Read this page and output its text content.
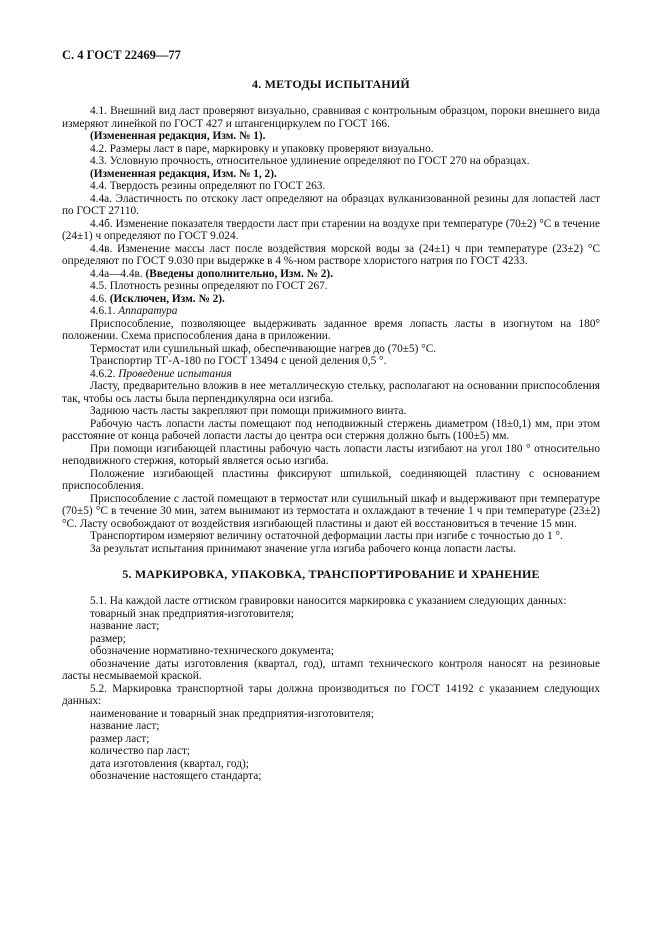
С. 4 ГОСТ 22469—77
4. МЕТОДЫ ИСПЫТАНИЙ

4.1. Внешний вид ласт проверяют визуально, сравнивая с контрольным образцом, пороки внешнего вида измеряют линейкой по ГОСТ 427 и штангенциркулем по ГОСТ 166.

(Измененная редакция, Изм. № 1).

4.2. Размеры ласт в паре, маркировку и упаковку проверяют визуально.

4.3. Условную прочность, относительное удлинение определяют по ГОСТ 270 на образцах.

(Измененная редакция, Изм. № 1, 2).

4.4. Твердость резины определяют по ГОСТ 263.

4.4а. Эластичность по отскоку ласт определяют на образцах вулканизованной резины для лопастей ласт по ГОСТ 27110.

4.4б. Изменение показателя твердости ласт при старении на воздухе при температуре (70±2) °С в течение (24±1) ч определяют по ГОСТ 9.024.

4.4в. Изменение массы ласт после воздействия морской воды за (24±1) ч при температуре (23±2) °С определяют по ГОСТ 9.030 при выдержке в 4 %-ном растворе хлористого натрия по ГОСТ 4233.

4.4а—4.4в. (Введены дополнительно, Изм. № 2).

4.5. Плотность резины определяют по ГОСТ 267.

4.6. (Исключен, Изм. № 2).

4.6.1. Аппаратура

Приспособление, позволяющее выдерживать заданное время лопасть ласты в изогнутом на 180° положении. Схема приспособления дана в приложении.

Термостат или сушильный шкаф, обеспечивающие нагрев до (70±5) °С.

Транспортир ТГ-А-180 по ГОСТ 13494 с ценой деления 0,5 °.

4.6.2. Проведение испытания

Ласту, предварительно вложив в нее металлическую стельку, располагают на основании приспособления так, чтобы ось ласты была перпендикулярна оси изгиба.

Заднюю часть ласты закрепляют при помощи прижимного винта.

Рабочую часть лопасти ласты помещают под неподвижный стержень диаметром (18±0,1) мм, при этом расстояние от конца рабочей лопасти ласты до центра оси стержня должно быть (100±5) мм.

При помощи изгибающей пластины рабочую часть лопасти ласты изгибают на угол 180 ° относительно неподвижного стержня, который является осью изгиба.

Положение изгибающей пластины фиксируют шпилькой, соединяющей пластину с основанием приспособления.

Приспособление с ластой помещают в термостат или сушильный шкаф и выдерживают при температуре (70±5) °С в течение 30 мин, затем вынимают из термостата и охлаждают в течение 1 ч при температуре (23±2) °С. Ласту освобождают от воздействия изгибающей пластины и дают ей восстановиться в течение 15 мин.

Транспортиром измеряют величину остаточной деформации ласты при изгибе с точностью до 1 °.

За результат испытания принимают значение угла изгиба рабочего конца лопасти ласты.

5. МАРКИРОВКА, УПАКОВКА, ТРАНСПОРТИРОВАНИЕ И ХРАНЕНИЕ

5.1. На каждой ласте оттиском гравировки наносится маркировка с указанием следующих данных:

товарный знак предприятия-изготовителя;

название ласт;

размер;

обозначение нормативно-технического документа;

обозначение даты изготовления (квартал, год), штамп технического контроля наносят на резиновые ласты несмываемой краской.

5.2. Маркировка транспортной тары должна производиться по ГОСТ 14192 с указанием следующих данных:

наименование и товарный знак предприятия-изготовителя;

название ласт;

размер ласт;

количество пар ласт;

дата изготовления (квартал, год);

обозначение настоящего стандарта;
